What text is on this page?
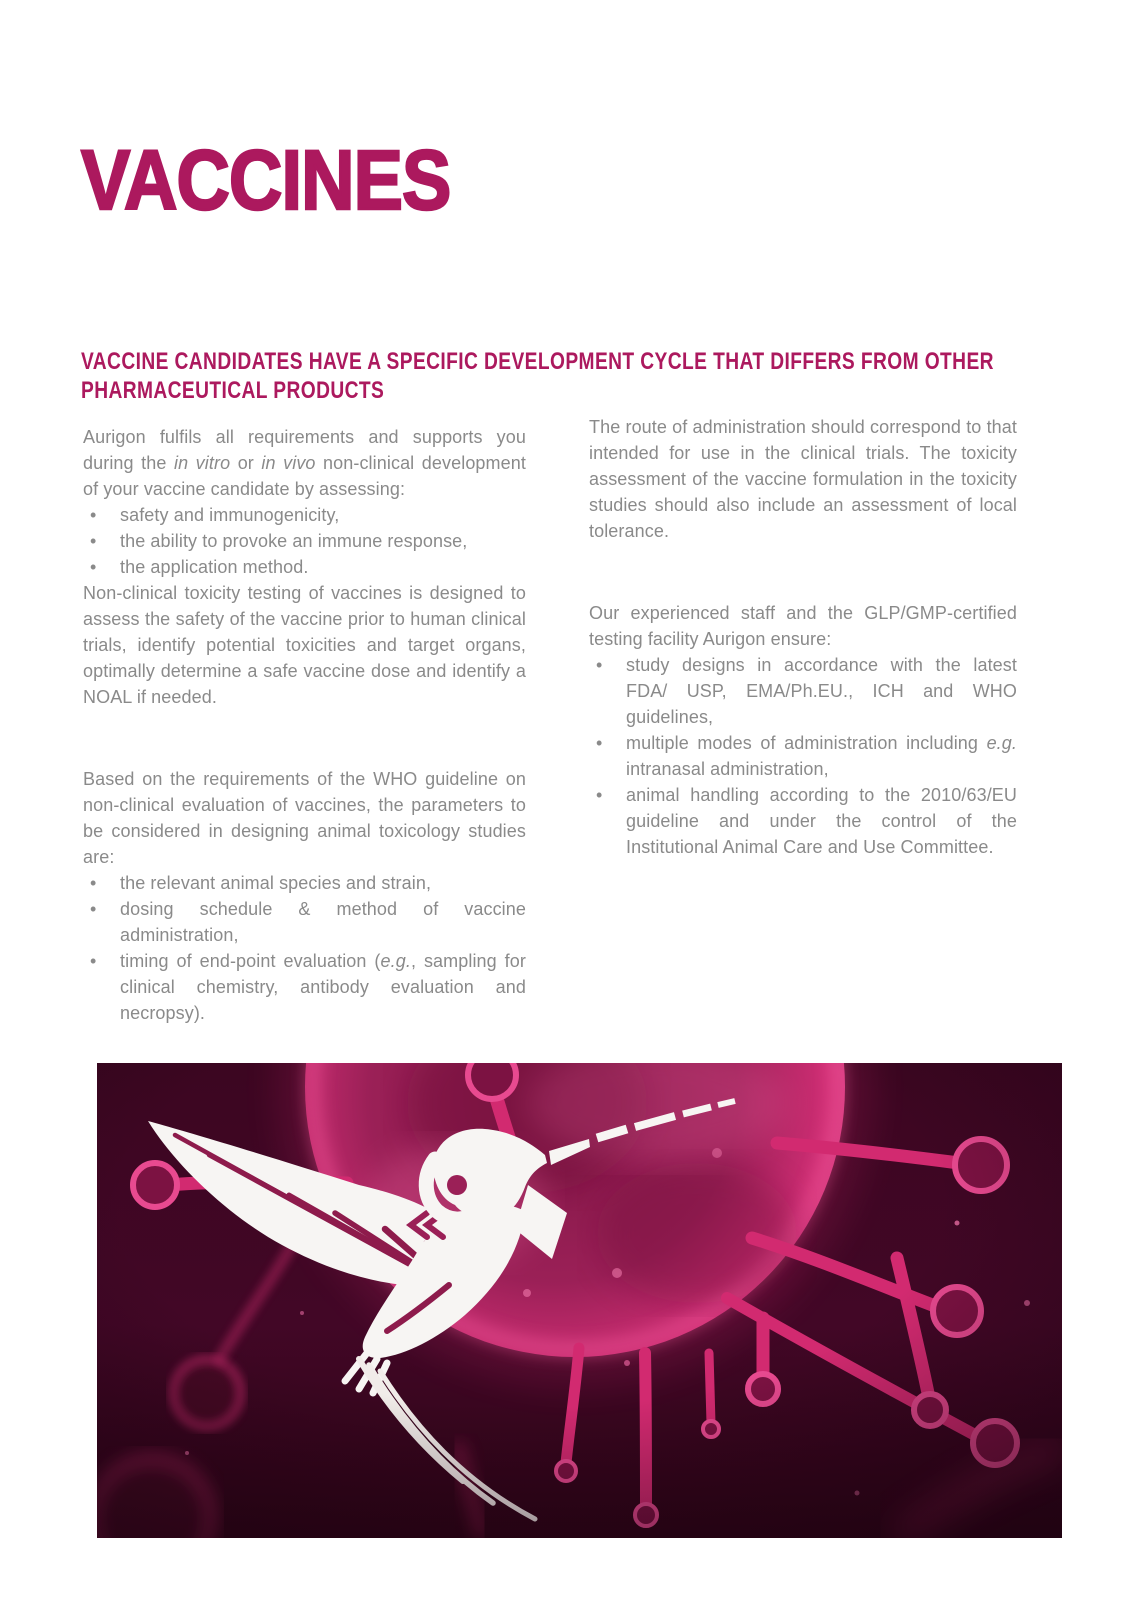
VACCINES
VACCINE CANDIDATES HAVE A SPECIFIC DEVELOPMENT CYCLE THAT DIFFERS FROM OTHER PHARMACEUTICAL PRODUCTS

Aurigon fulfils all requirements and supports you during the in vitro or in vivo non-clinical development of your vaccine candidate by assessing:

• safety and immunogenicity,
• the ability to provoke an immune response,
• the application method.

Non-clinical toxicity testing of vaccines is designed to assess the safety of the vaccine prior to human clinical trials, identify potential toxicities and target organs, optimally determine a safe vaccine dose and identify a NOAL if needed.

Based on the requirements of the WHO guideline on non-clinical evaluation of vaccines, the parameters to be considered in designing animal toxicology studies are:

• the relevant animal species and strain,
• dosing schedule & method of vaccine administration,
• timing of end-point evaluation (e.g., sampling for clinical chemistry, antibody evaluation and necropsy).

The route of administration should correspond to that intended for use in the clinical trials. The toxicity assessment of the vaccine formulation in the toxicity studies should also include an assessment of local tolerance.

Our experienced staff and the GLP/GMP-certified testing facility Aurigon ensure:

• study designs in accordance with the latest FDA/ USP, EMA/Ph.EU., ICH and WHO guidelines,
• multiple modes of administration including e.g. intranasal administration,
• animal handling according to the 2010/63/EU guideline and under the control of the Institutional Animal Care and Use Committee.
